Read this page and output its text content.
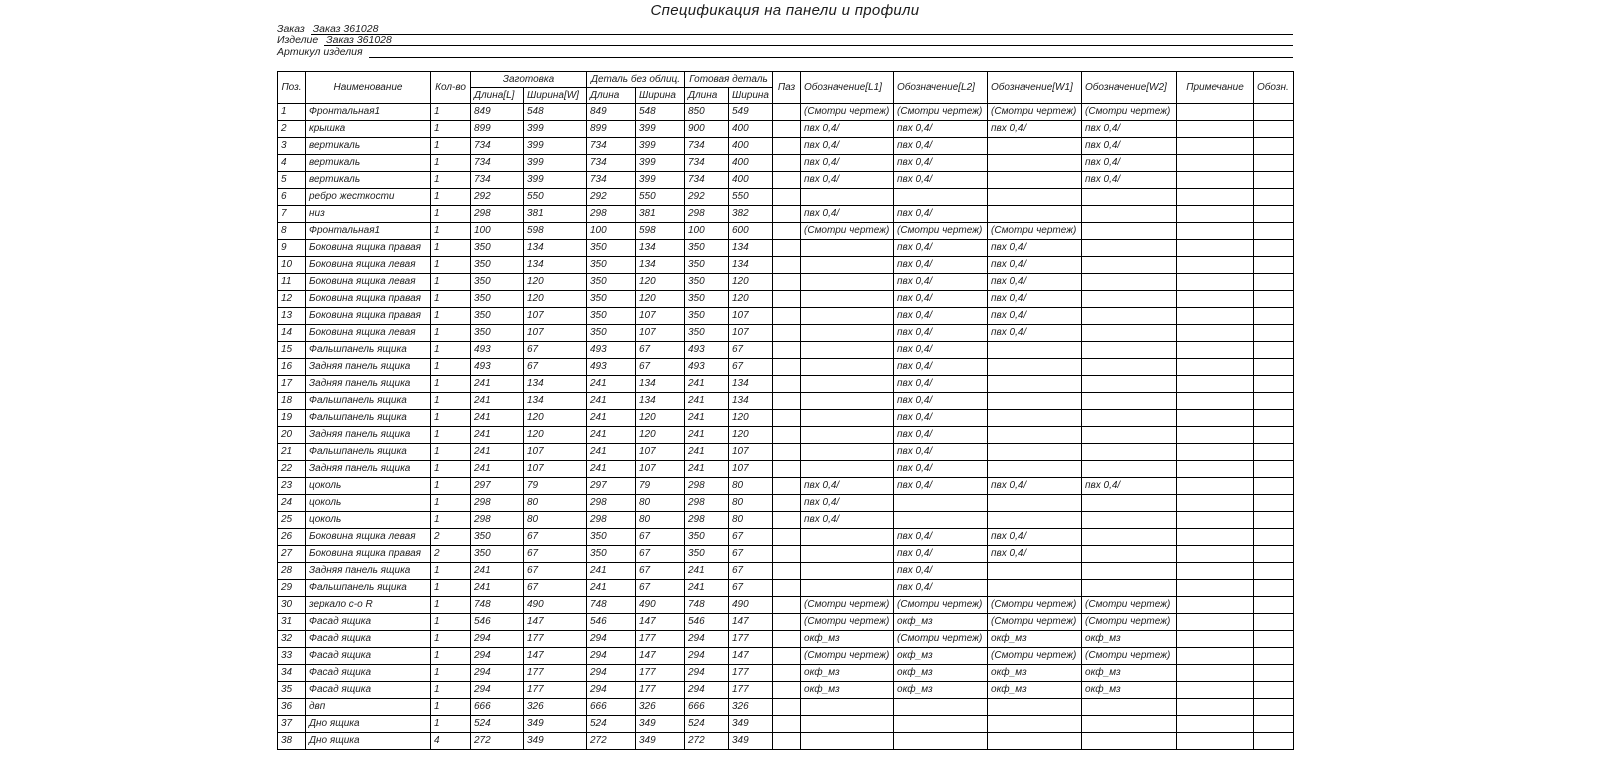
Спецификация на панели и профили
Заказ Заказ 361028
Изделие Заказ 361028
Артикул изделия
Поз.	Наименование	Кол-во	Заготовка		Деталь без облиц.		Готовая деталь		Паз	Обозначение[L1]	Обозначение[L2]	Обозначение[W1]	Обозначение[W2]	Примечание	Обозн.
			Длина[L]	Ширина[W]	Длина	Ширина	Длина	Ширина							
1	Фронтальная1	1	849	548	849	548	850	549		(Смотри чертеж)	(Смотри чертеж)	(Смотри чертеж)	(Смотри чертеж)		
2	крышка	1	899	399	899	399	900	400		пвх 0,4/	пвх 0,4/	пвх 0,4/	пвх 0,4/		
3	вертикаль	1	734	399	734	399	734	400		пвх 0,4/	пвх 0,4/		пвх 0,4/		
4	вертикаль	1	734	399	734	399	734	400		пвх 0,4/	пвх 0,4/		пвх 0,4/		
5	вертикаль	1	734	399	734	399	734	400		пвх 0,4/	пвх 0,4/		пвх 0,4/		
6	ребро жесткости	1	292	550	292	550	292	550							
7	низ	1	298	381	298	381	298	382		пвх 0,4/	пвх 0,4/				
8	Фронтальная1	1	100	598	100	598	100	600		(Смотри чертеж)	(Смотри чертеж)	(Смотри чертеж)			
9	Боковина ящика правая	1	350	134	350	134	350	134			пвх 0,4/	пвх 0,4/			
10	Боковина ящика левая	1	350	134	350	134	350	134			пвх 0,4/	пвх 0,4/			
11	Боковина ящика левая	1	350	120	350	120	350	120			пвх 0,4/	пвх 0,4/			
12	Боковина ящика правая	1	350	120	350	120	350	120			пвх 0,4/	пвх 0,4/			
13	Боковина ящика правая	1	350	107	350	107	350	107			пвх 0,4/	пвх 0,4/			
14	Боковина ящика левая	1	350	107	350	107	350	107			пвх 0,4/	пвх 0,4/			
15	Фальшпанель ящика	1	493	67	493	67	493	67			пвх 0,4/				
16	Задняя панель ящика	1	493	67	493	67	493	67			пвх 0,4/				
17	Задняя панель ящика	1	241	134	241	134	241	134			пвх 0,4/				
18	Фальшпанель ящика	1	241	134	241	134	241	134			пвх 0,4/				
19	Фальшпанель ящика	1	241	120	241	120	241	120			пвх 0,4/				
20	Задняя панель ящика	1	241	120	241	120	241	120			пвх 0,4/				
21	Фальшпанель ящика	1	241	107	241	107	241	107			пвх 0,4/				
22	Задняя панель ящика	1	241	107	241	107	241	107			пвх 0,4/				
23	цоколь	1	297	79	297	79	298	80		пвх 0,4/	пвх 0,4/	пвх 0,4/	пвх 0,4/		
24	цоколь	1	298	80	298	80	298	80		пвх 0,4/					
25	цоколь	1	298	80	298	80	298	80		пвх 0,4/					
26	Боковина ящика левая	2	350	67	350	67	350	67			пвх 0,4/	пвх 0,4/			
27	Боковина ящика правая	2	350	67	350	67	350	67			пвх 0,4/	пвх 0,4/			
28	Задняя панель ящика	1	241	67	241	67	241	67			пвх 0,4/				
29	Фальшпанель ящика	1	241	67	241	67	241	67			пвх 0,4/				
30	зеркало с-о R	1	748	490	748	490	748	490		(Смотри чертеж)	(Смотри чертеж)	(Смотри чертеж)	(Смотри чертеж)		
31	Фасад ящика	1	546	147	546	147	546	147		(Смотри чертеж)	окф_мз	(Смотри чертеж)	(Смотри чертеж)		
32	Фасад ящика	1	294	177	294	177	294	177		окф_мз	(Смотри чертеж)	окф_мз	окф_мз		
33	Фасад ящика	1	294	147	294	147	294	147		(Смотри чертеж)	окф_мз	(Смотри чертеж)	(Смотри чертеж)		
34	Фасад ящика	1	294	177	294	177	294	177		окф_мз	окф_мз	окф_мз	окф_мз		
35	Фасад ящика	1	294	177	294	177	294	177		окф_мз	окф_мз	окф_мз	окф_мз		
36	двп	1	666	326	666	326	666	326							
37	Дно ящика	1	524	349	524	349	524	349							
38	Дно ящика	4	272	349	272	349	272	349							
